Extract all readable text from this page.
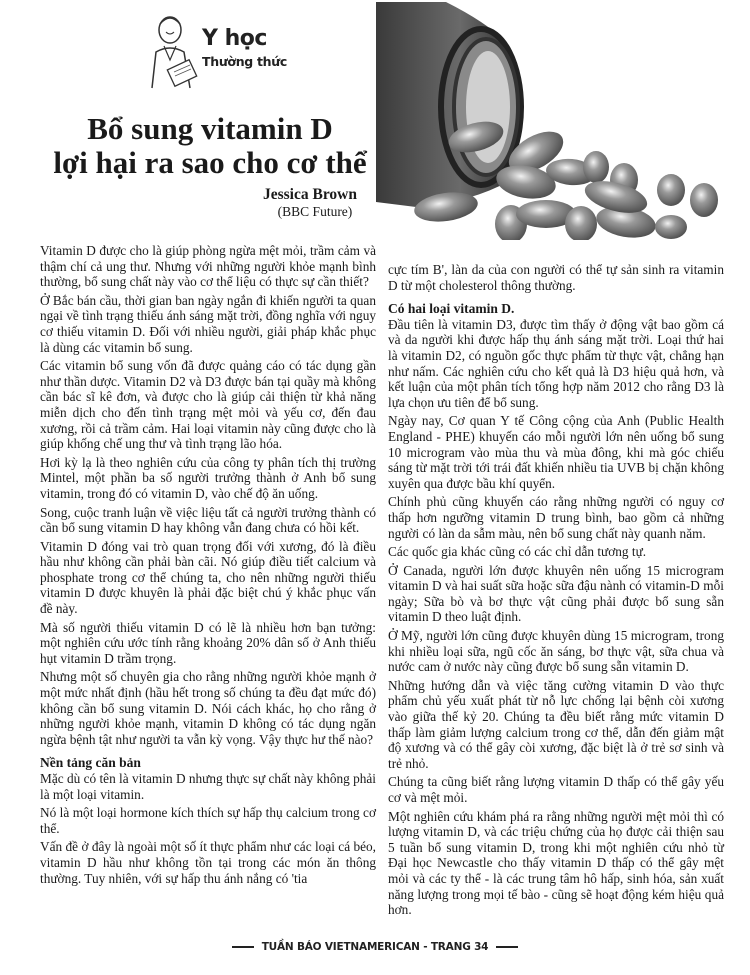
Y học
Thường thức
Bổ sung vitamin D
lợi hại ra sao cho cơ thể
Jessica Brown
(BBC Future)

Vitamin D được cho là giúp phòng ngừa mệt mỏi, trầm cảm và thậm chí cả ung thư. Nhưng với những người khỏe mạnh bình thường, bổ sung chất này vào cơ thể liệu có thực sự cần thiết?

Ở Bắc bán cầu, thời gian ban ngày ngắn đi khiến người ta quan ngại về tình trạng thiếu ánh sáng mặt trời, đồng nghĩa với nguy cơ thiếu vitamin D. Đối với nhiều người, giải pháp khắc phục là dùng các vitamin bổ sung.

Các vitamin bổ sung vốn đã được quảng cáo có tác dụng gần như thần dược. Vitamin D2 và D3 được bán tại quầy mà không cần bác sĩ kê đơn, và được cho là giúp cải thiện từ khả năng miễn dịch cho đến tình trạng mệt mỏi và yếu cơ, đến đau xương, rồi cả trầm cảm. Hai loại vitamin này cũng được cho là giúp khống chế ung thư và tình trạng lão hóa.

Hơi kỳ lạ là theo nghiên cứu của công ty phân tích thị trường Mintel, một phần ba số người trưởng thành ở Anh bổ sung vitamin, trong đó có vitamin D, vào chế độ ăn uống.

Song, cuộc tranh luận về việc liệu tất cả người trưởng thành có cần bổ sung vitamin D hay không vẫn đang chưa có hồi kết.

Vitamin D đóng vai trò quan trọng đối với xương, đó là điều hầu như không cần phải bàn cãi. Nó giúp điều tiết calcium và phosphate trong cơ thể chúng ta, cho nên những người thiếu vitamin D được khuyên là phải đặc biệt chú ý khắc phục vấn đề này.

Mà số người thiếu vitamin D có lẽ là nhiều hơn bạn tưởng: một nghiên cứu ước tính rằng khoảng 20% dân số ở Anh thiếu hụt vitamin D trầm trọng.

Nhưng một số chuyên gia cho rằng những người khỏe mạnh ở một mức nhất định (hầu hết trong số chúng ta đều đạt mức đó) không cần bổ sung vitamin D. Nói cách khác, họ cho rằng ở những người khỏe mạnh, vitamin D không có tác dụng ngăn ngừa bệnh tật như người ta vẫn kỳ vọng. Vậy thực hư thế nào?

Nền tảng căn bản

Mặc dù có tên là vitamin D nhưng thực sự chất này không phải là một loại vitamin.

Nó là một loại hormone kích thích sự hấp thụ calcium trong cơ thể.

Vấn đề ở đây là ngoài một số ít thực phẩm như các loại cá béo, vitamin D hầu như không tồn tại trong các món ăn thông thường. Tuy nhiên, với sự hấp thu ánh nắng có 'tia

cực tím B', làn da của con người có thể tự sản sinh ra vitamin D từ một cholesterol thông thường.

Có hai loại vitamin D.

Đầu tiên là vitamin D3, được tìm thấy ở động vật bao gồm cá và da người khi được hấp thụ ánh sáng mặt trời. Loại thứ hai là vitamin D2, có nguồn gốc thực phẩm từ thực vật, chẳng hạn như nấm. Các nghiên cứu cho kết quả là D3 hiệu quả hơn, và kết luận của một phân tích tổng hợp năm 2012 cho rằng D3 là lựa chọn ưu tiên để bổ sung.

Ngày nay, Cơ quan Y tế Công cộng của Anh (Public Health England - PHE) khuyến cáo mỗi người lớn nên uống bổ sung 10 microgram vào mùa thu và mùa đông, khi mà góc chiếu sáng từ mặt trời tới trái đất khiến nhiều tia UVB bị chặn không xuyên qua được bầu khí quyển.

Chính phủ cũng khuyến cáo rằng những người có nguy cơ thấp hơn ngưỡng vitamin D trung bình, bao gồm cả những người có làn da sẫm màu, nên bổ sung chất này quanh năm.

Các quốc gia khác cũng có các chỉ dẫn tương tự.

Ở Canada, người lớn được khuyên nên uống 15 microgram vitamin D và hai suất sữa hoặc sữa đậu nành có vitamin-D mỗi ngày; Sữa bò và bơ thực vật cũng phải được bổ sung sẵn vitamin D theo luật định.

Ở Mỹ, người lớn cũng được khuyên dùng 15 microgram, trong khi nhiều loại sữa, ngũ cốc ăn sáng, bơ thực vật, sữa chua và nước cam ở nước này cũng được bổ sung sẵn vitamin D.

Những hướng dẫn và việc tăng cường vitamin D vào thực phẩm chủ yếu xuất phát từ nỗ lực chống lại bệnh còi xương vào giữa thế kỷ 20. Chúng ta đều biết rằng mức vitamin D thấp làm giảm lượng calcium trong cơ thể, dẫn đến giảm mật độ xương và có thể gây còi xương, đặc biệt là ở trẻ sơ sinh và trẻ nhỏ.

Chúng ta cũng biết rằng lượng vitamin D thấp có thể gây yếu cơ và mệt mỏi.

Một nghiên cứu khám phá ra rằng những người mệt mỏi thì có lượng vitamin D, và các triệu chứng của họ được cải thiện sau 5 tuần bổ sung vitamin D, trong khi một nghiên cứu nhỏ từ Đại học Newcastle cho thấy vitamin D thấp có thể gây mệt mỏi và các ty thể - là các trung tâm hô hấp, sinh hóa, sản xuất năng lượng trong mọi tế bào - cũng sẽ hoạt động kém hiệu quả hơn.

TUẦN BÁO VIETNAMERICAN - TRANG 34
